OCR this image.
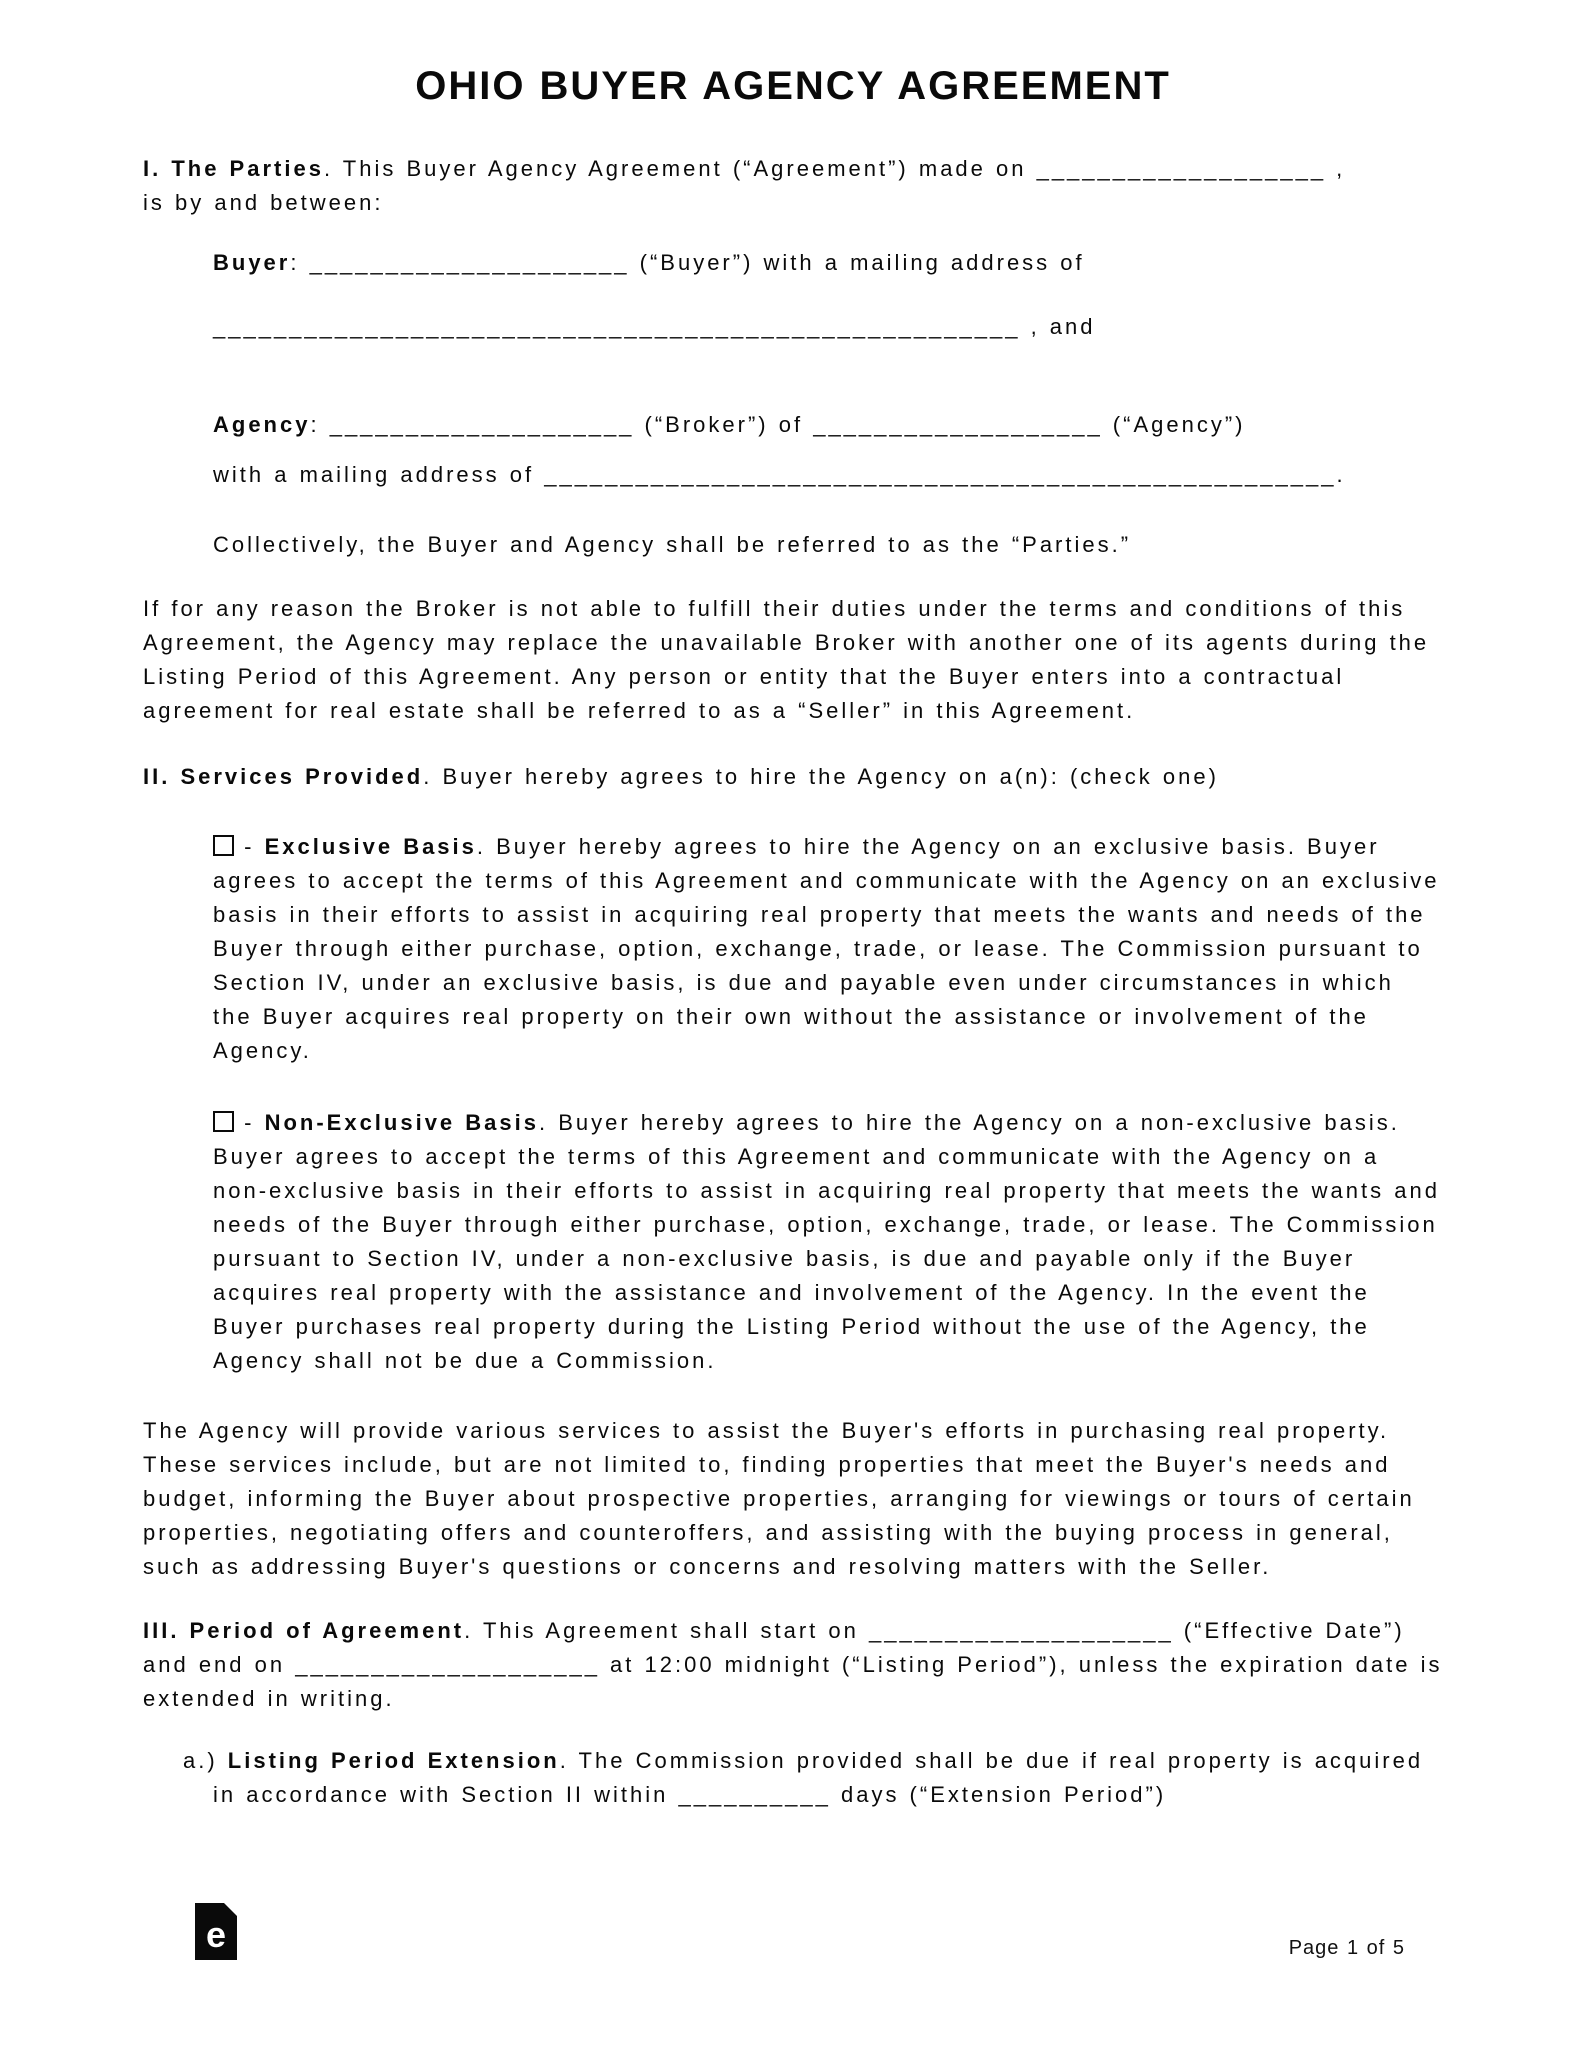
OHIO BUYER AGENCY AGREEMENT
I. The Parties. This Buyer Agency Agreement (“Agreement”) made on ___________________ ,
is by and between:
Buyer: _____________________ (“Buyer”) with a mailing address of
_____________________________________________________ , and
Agency: ____________________ (“Broker”) of ___________________ (“Agency”)
with a mailing address of ____________________________________________________.
Collectively, the Buyer and Agency shall be referred to as the “Parties.”
If for any reason the Broker is not able to fulfill their duties under the terms and conditions of this Agreement, the Agency may replace the unavailable Broker with another one of its agents during the Listing Period of this Agreement. Any person or entity that the Buyer enters into a contractual agreement for real estate shall be referred to as a “Seller” in this Agreement.
II. Services Provided. Buyer hereby agrees to hire the Agency on a(n): (check one)
- Exclusive Basis. Buyer hereby agrees to hire the Agency on an exclusive basis. Buyer agrees to accept the terms of this Agreement and communicate with the Agency on an exclusive basis in their efforts to assist in acquiring real property that meets the wants and needs of the Buyer through either purchase, option, exchange, trade, or lease. The Commission pursuant to Section IV, under an exclusive basis, is due and payable even under circumstances in which the Buyer acquires real property on their own without the assistance or involvement of the Agency.
- Non-Exclusive Basis. Buyer hereby agrees to hire the Agency on a non-exclusive basis. Buyer agrees to accept the terms of this Agreement and communicate with the Agency on a non-exclusive basis in their efforts to assist in acquiring real property that meets the wants and needs of the Buyer through either purchase, option, exchange, trade, or lease. The Commission pursuant to Section IV, under a non-exclusive basis, is due and payable only if the Buyer acquires real property with the assistance and involvement of the Agency. In the event the Buyer purchases real property during the Listing Period without the use of the Agency, the Agency shall not be due a Commission.
The Agency will provide various services to assist the Buyer's efforts in purchasing real property. These services include, but are not limited to, finding properties that meet the Buyer's needs and budget, informing the Buyer about prospective properties, arranging for viewings or tours of certain properties, negotiating offers and counteroffers, and assisting with the buying process in general, such as addressing Buyer's questions or concerns and resolving matters with the Seller.
III. Period of Agreement. This Agreement shall start on ____________________ (“Effective Date”) and end on ____________________ at 12:00 midnight (“Listing Period”), unless the expiration date is extended in writing.
a.) Listing Period Extension. The Commission provided shall be due if real property is acquired in accordance with Section II within __________ days (“Extension Period”)
e	Page 1 of 5
